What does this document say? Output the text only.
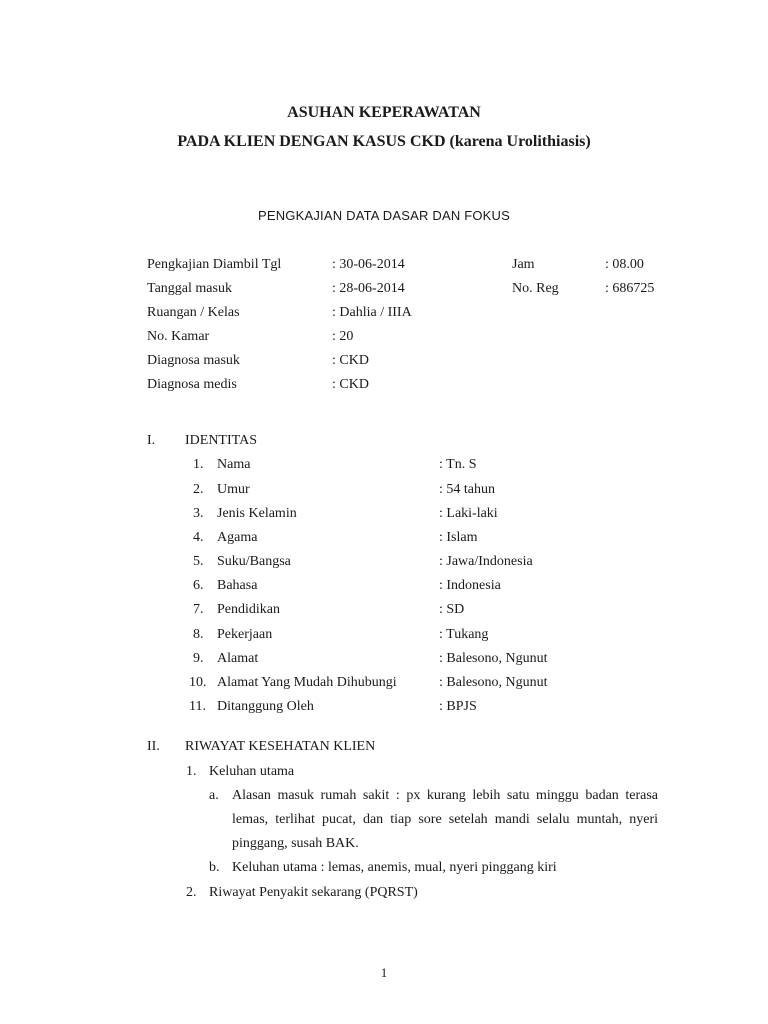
ASUHAN KEPERAWATAN
PADA KLIEN DENGAN KASUS CKD (karena Urolithiasis)
PENGKAJIAN DATA DASAR DAN FOKUS
Pengkajian Diambil Tgl	: 30-06-2014	Jam	: 08.00
Tanggal masuk	: 28-06-2014	No. Reg	: 686725
Ruangan / Kelas	: Dahlia / IIIA
No. Kamar	: 20
Diagnosa masuk	: CKD
Diagnosa medis	: CKD
I. IDENTITAS
1. Nama	: Tn. S
2. Umur	: 54 tahun
3. Jenis Kelamin	: Laki-laki
4. Agama	: Islam
5. Suku/Bangsa	: Jawa/Indonesia
6. Bahasa	: Indonesia
7. Pendidikan	: SD
8. Pekerjaan	: Tukang
9. Alamat	: Balesono, Ngunut
10. Alamat Yang Mudah Dihubungi	: Balesono, Ngunut
11. Ditanggung Oleh	: BPJS
II. RIWAYAT KESEHATAN KLIEN
1. Keluhan utama
a. Alasan masuk rumah sakit : px kurang lebih satu minggu badan terasa lemas, terlihat pucat, dan tiap sore setelah mandi selalu muntah, nyeri pinggang, susah BAK.
b. Keluhan utama : lemas, anemis, mual, nyeri pinggang kiri
2. Riwayat Penyakit sekarang (PQRST)
1
